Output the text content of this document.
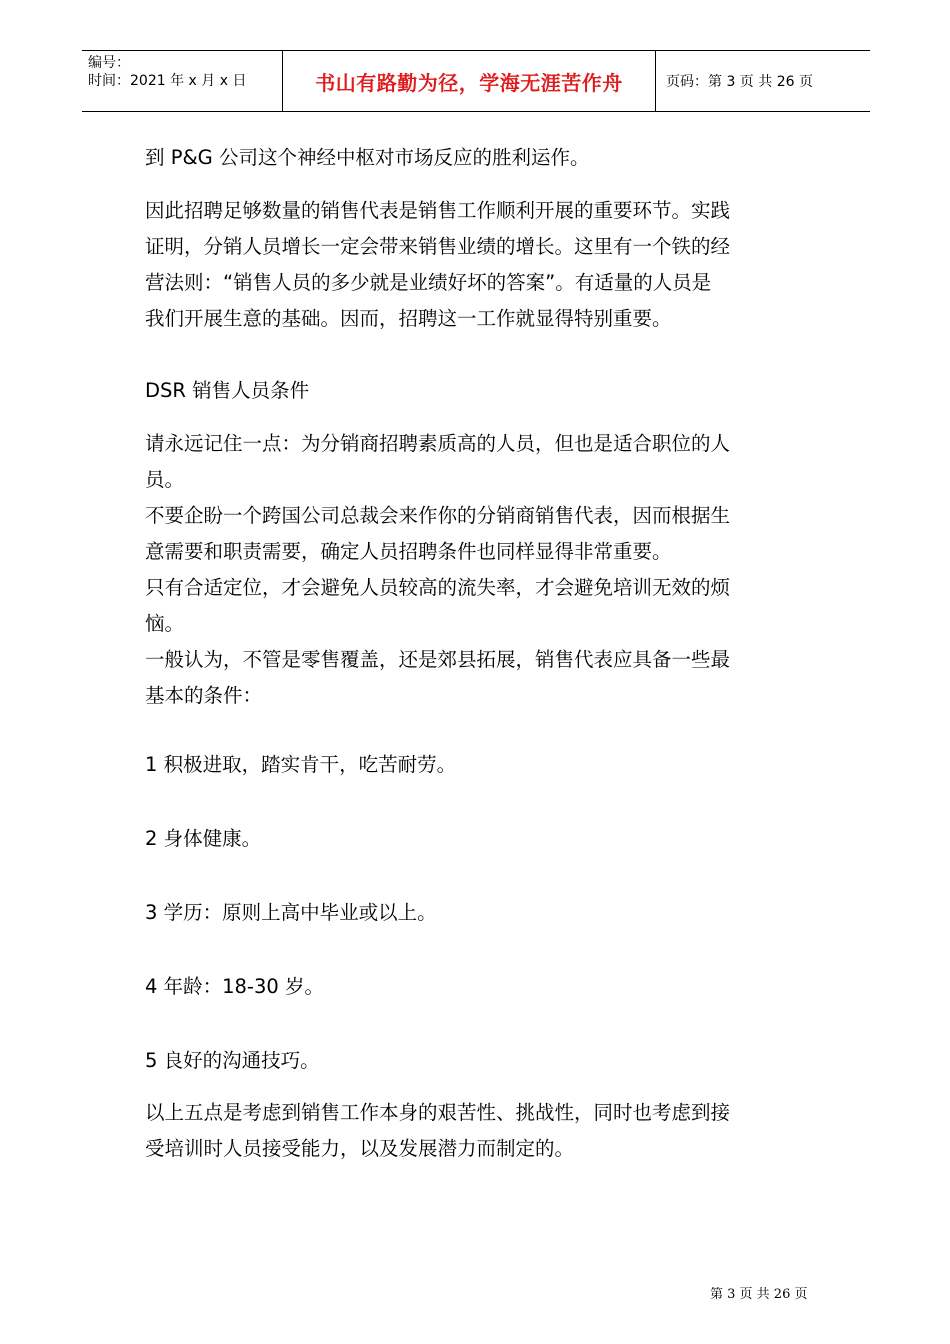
编号：
时间：2021 年 x 月 x 日	书山有路勤为径，学海无涯苦作舟	页码：第 3 页 共 26 页

到 P&G 公司这个神经中枢对市场反应的胜利运作。

因此招聘足够数量的销售代表是销售工作顺利开展的重要环节。实践

证明，分销人员增长一定会带来销售业绩的增长。这里有一个铁的经

营法则：“销售人员的多少就是业绩好坏的答案”。有适量的人员是

我们开展生意的基础。因而，招聘这一工作就显得特别重要。

DSR 销售人员条件

请永远记住一点：为分销商招聘素质高的人员，但也是适合职位的人

员。

不要企盼一个跨国公司总裁会来作你的分销商销售代表，因而根据生

意需要和职责需要，确定人员招聘条件也同样显得非常重要。

只有合适定位，才会避免人员较高的流失率，才会避免培训无效的烦

恼。

一般认为，不管是零售覆盖，还是郊县拓展，销售代表应具备一些最

基本的条件：

1 积极进取，踏实肯干，吃苦耐劳。

2 身体健康。

3 学历：原则上高中毕业或以上。

4 年龄：18-30 岁。

5 良好的沟通技巧。

以上五点是考虑到销售工作本身的艰苦性、挑战性，同时也考虑到接

受培训时人员接受能力，以及发展潜力而制定的。

第 3 页 共 26 页
